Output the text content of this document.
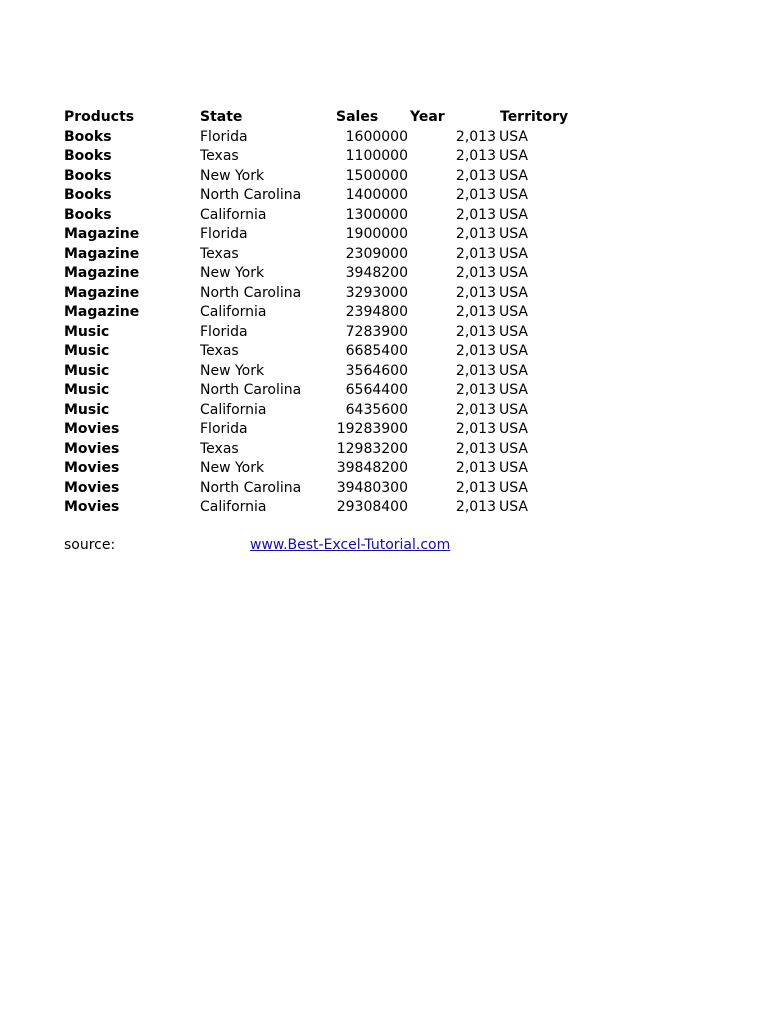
Products	State	Sales Year	Territory
Books	Florida	1600000	2,013 USA
Books	Texas	1100000	2,013 USA
Books	New York	1500000	2,013 USA
Books	North Carolina	1400000	2,013 USA
Books	California	1300000	2,013 USA
Magazine	Florida	1900000	2,013 USA
Magazine	Texas	2309000	2,013 USA
Magazine	New York	3948200	2,013 USA
Magazine	North Carolina	3293000	2,013 USA
Magazine	California	2394800	2,013 USA
Music	Florida	7283900	2,013 USA
Music	Texas	6685400	2,013 USA
Music	New York	3564600	2,013 USA
Music	North Carolina	6564400	2,013 USA
Music	California	6435600	2,013 USA
Movies	Florida	19283900	2,013 USA
Movies	Texas	12983200	2,013 USA
Movies	New York	39848200	2,013 USA
Movies	North Carolina	39480300	2,013 USA
Movies	California	29308400	2,013 USA
source:	www.Best-Excel-Tutorial.com
